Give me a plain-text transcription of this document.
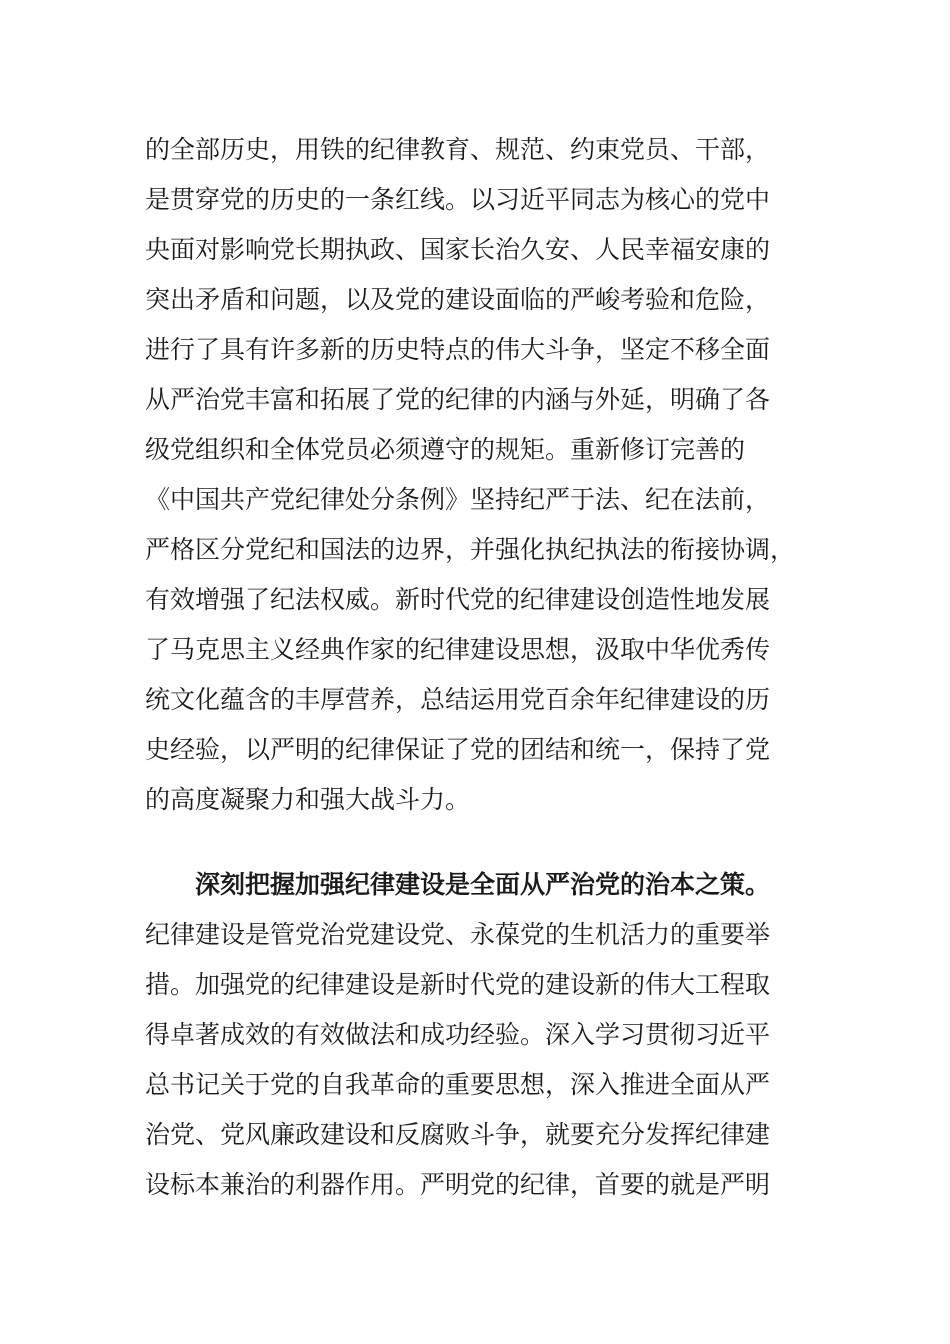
的全部历史，用铁的纪律教育、规范、约束党员、干部，
是贯穿党的历史的一条红线。以习近平同志为核心的党中
央面对影响党长期执政、国家长治久安、人民幸福安康的
突出矛盾和问题，以及党的建设面临的严峻考验和危险，
进行了具有许多新的历史特点的伟大斗争，坚定不移全面
从严治党丰富和拓展了党的纪律的内涵与外延，明确了各
级党组织和全体党员必须遵守的规矩。重新修订完善的
《中国共产党纪律处分条例》坚持纪严于法、纪在法前，
严格区分党纪和国法的边界，并强化执纪执法的衔接协调，
有效增强了纪法权威。新时代党的纪律建设创造性地发展
了马克思主义经典作家的纪律建设思想，汲取中华优秀传
统文化蕴含的丰厚营养，总结运用党百余年纪律建设的历
史经验，以严明的纪律保证了党的团结和统一，保持了党
的高度凝聚力和强大战斗力。
深刻把握加强纪律建设是全面从严治党的治本之策。
纪律建设是管党治党建设党、永葆党的生机活力的重要举
措。加强党的纪律建设是新时代党的建设新的伟大工程取
得卓著成效的有效做法和成功经验。深入学习贯彻习近平
总书记关于党的自我革命的重要思想，深入推进全面从严
治党、党风廉政建设和反腐败斗争，就要充分发挥纪律建
设标本兼治的利器作用。严明党的纪律，首要的就是严明
